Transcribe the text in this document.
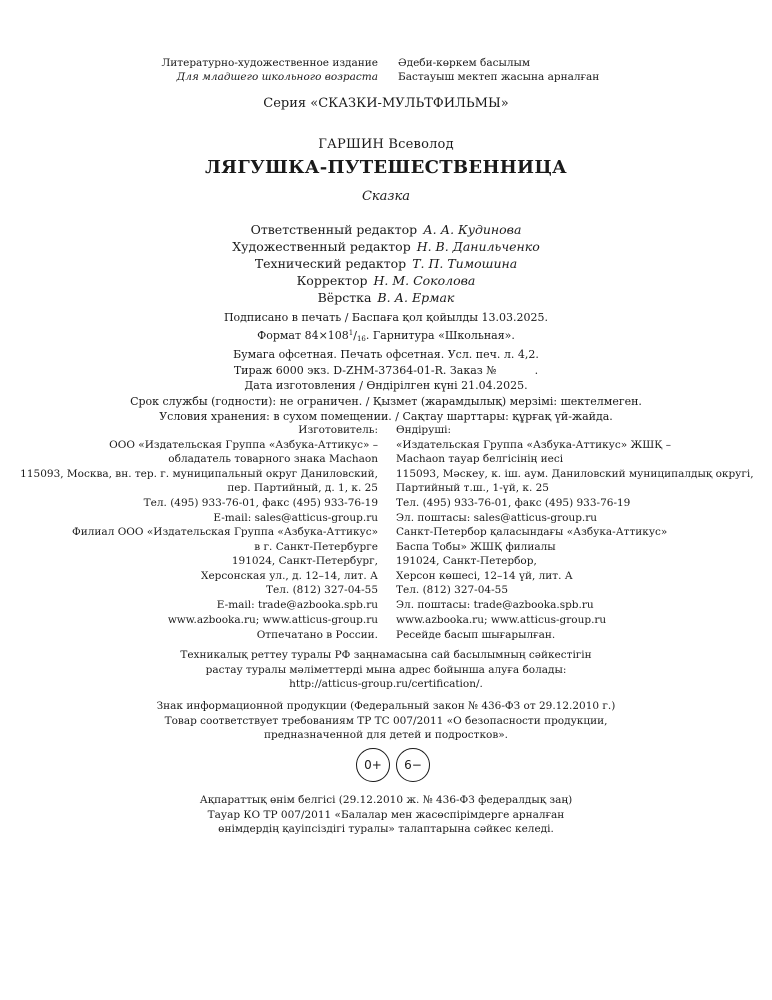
Литературно-художественное издание
Для младшего школьного возраста
Әдеби-көркем басылым
Бастауыш мектеп жасына арналған
Серия «СКАЗКИ-МУЛЬТФИЛЬМЫ»
ГАРШИН Всеволод
ЛЯГУШКА-ПУТЕШЕСТВЕННИЦА
Сказка
Ответственный редактор А. А. Кудинова
Художественный редактор Н. В. Данильченко
Технический редактор Т. П. Тимошина
Корректор Н. М. Соколова
Вёрстка В. А. Ермак
Подписано в печать / Баспаға қол қойылды 13.03.2025.
Формат $84\times 108^1/_{16}$. Гарнитура «Школьная».
Бумага офсетная. Печать офсетная. Усл. печ. л. 4,2.
Тираж 6000 экз. D-ZHM-37364-01-R. Заказ №	.
Дата изготовления / Өндірілген күні 21.04.2025.
Срок службы (годности): не ограничен. / Қызмет (жарамдылық) мерзімі: шектелмеген.
Условия хранения: в сухом помещении. / Сақтау шарттары: құрғақ үй-жайда.
Изготовитель:
ООО «Издательская Группа «Азбука-Аттикус» –
обладатель товарного знака Machaon
115093, Москва, вн. тер. г. муниципальный округ Даниловский,
пер. Партийный, д. 1, к. 25
Тел. (495) 933-76-01, факс (495) 933-76-19
E-mail: sales@atticus-group.ru
Өндіруші:
«Издательская Группа «Азбука-Аттикус» ЖШҚ –
Machaon тауар белгісінің иесі
115093, Мәскеу, к. іш. аум. Даниловский муниципалдық округі,
Партийный т.ш., 1-үй, к. 25
Тел. (495) 933-76-01, факс (495) 933-76-19
Эл. поштасы: sales@atticus-group.ru
Филиал ООО «Издательская Группа «Азбука-Аттикус»
в г. Санкт-Петербурге
191024, Санкт-Петербург,
Херсонская ул., д. 12–14, лит. А
Тел. (812) 327-04-55
E-mail: trade@azbooka.spb.ru
Санкт-Петербор қаласындағы «Азбука-Аттикус»
Баспа Тобы» ЖШҚ филиалы
191024, Санкт-Петербор,
Херсон көшесі, 12–14 үй, лит. А
Тел. (812) 327-04-55
Эл. поштасы: trade@azbooka.spb.ru
www.azbooka.ru; www.atticus-group.ru
Отпечатано в России.
www.azbooka.ru; www.atticus-group.ru
Ресейде басып шығарылған.
Техникалық реттеу туралы РФ заңнамасына сай басылымның сәйкестігін
растау туралы мәліметтерді мына адрес бойынша алуға болады:
http://atticus-group.ru/certification/.
Знак информационной продукции (Федеральный закон № 436-ФЗ от 29.12.2010 г.)
Товар соответствует требованиям ТР ТС 007/2011 «О безопасности продукции,
предназначенной для детей и подростков».
0+	6−
Ақпараттық өнім белгісі (29.12.2010 ж. № 436-ФЗ федералдық заң)
Тауар КО ТР 007/2011 «Балалар мен жасөспірімдерге арналған
өнімдердің қауіпсіздігі туралы» талаптарына сәйкес келеді.
